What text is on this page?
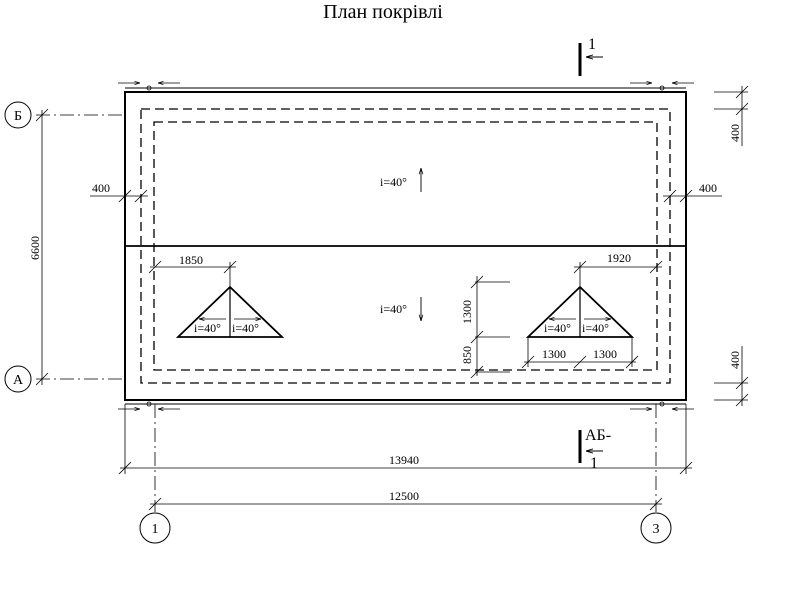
План покрівлі
Б
А
1	3
i=40°
i=40°
i=40° i=40°	i=40° i=40°
6600
400	400
400
400
13940
12500
1850	1920
1300
850	1300 1300
1
АБ-
1
